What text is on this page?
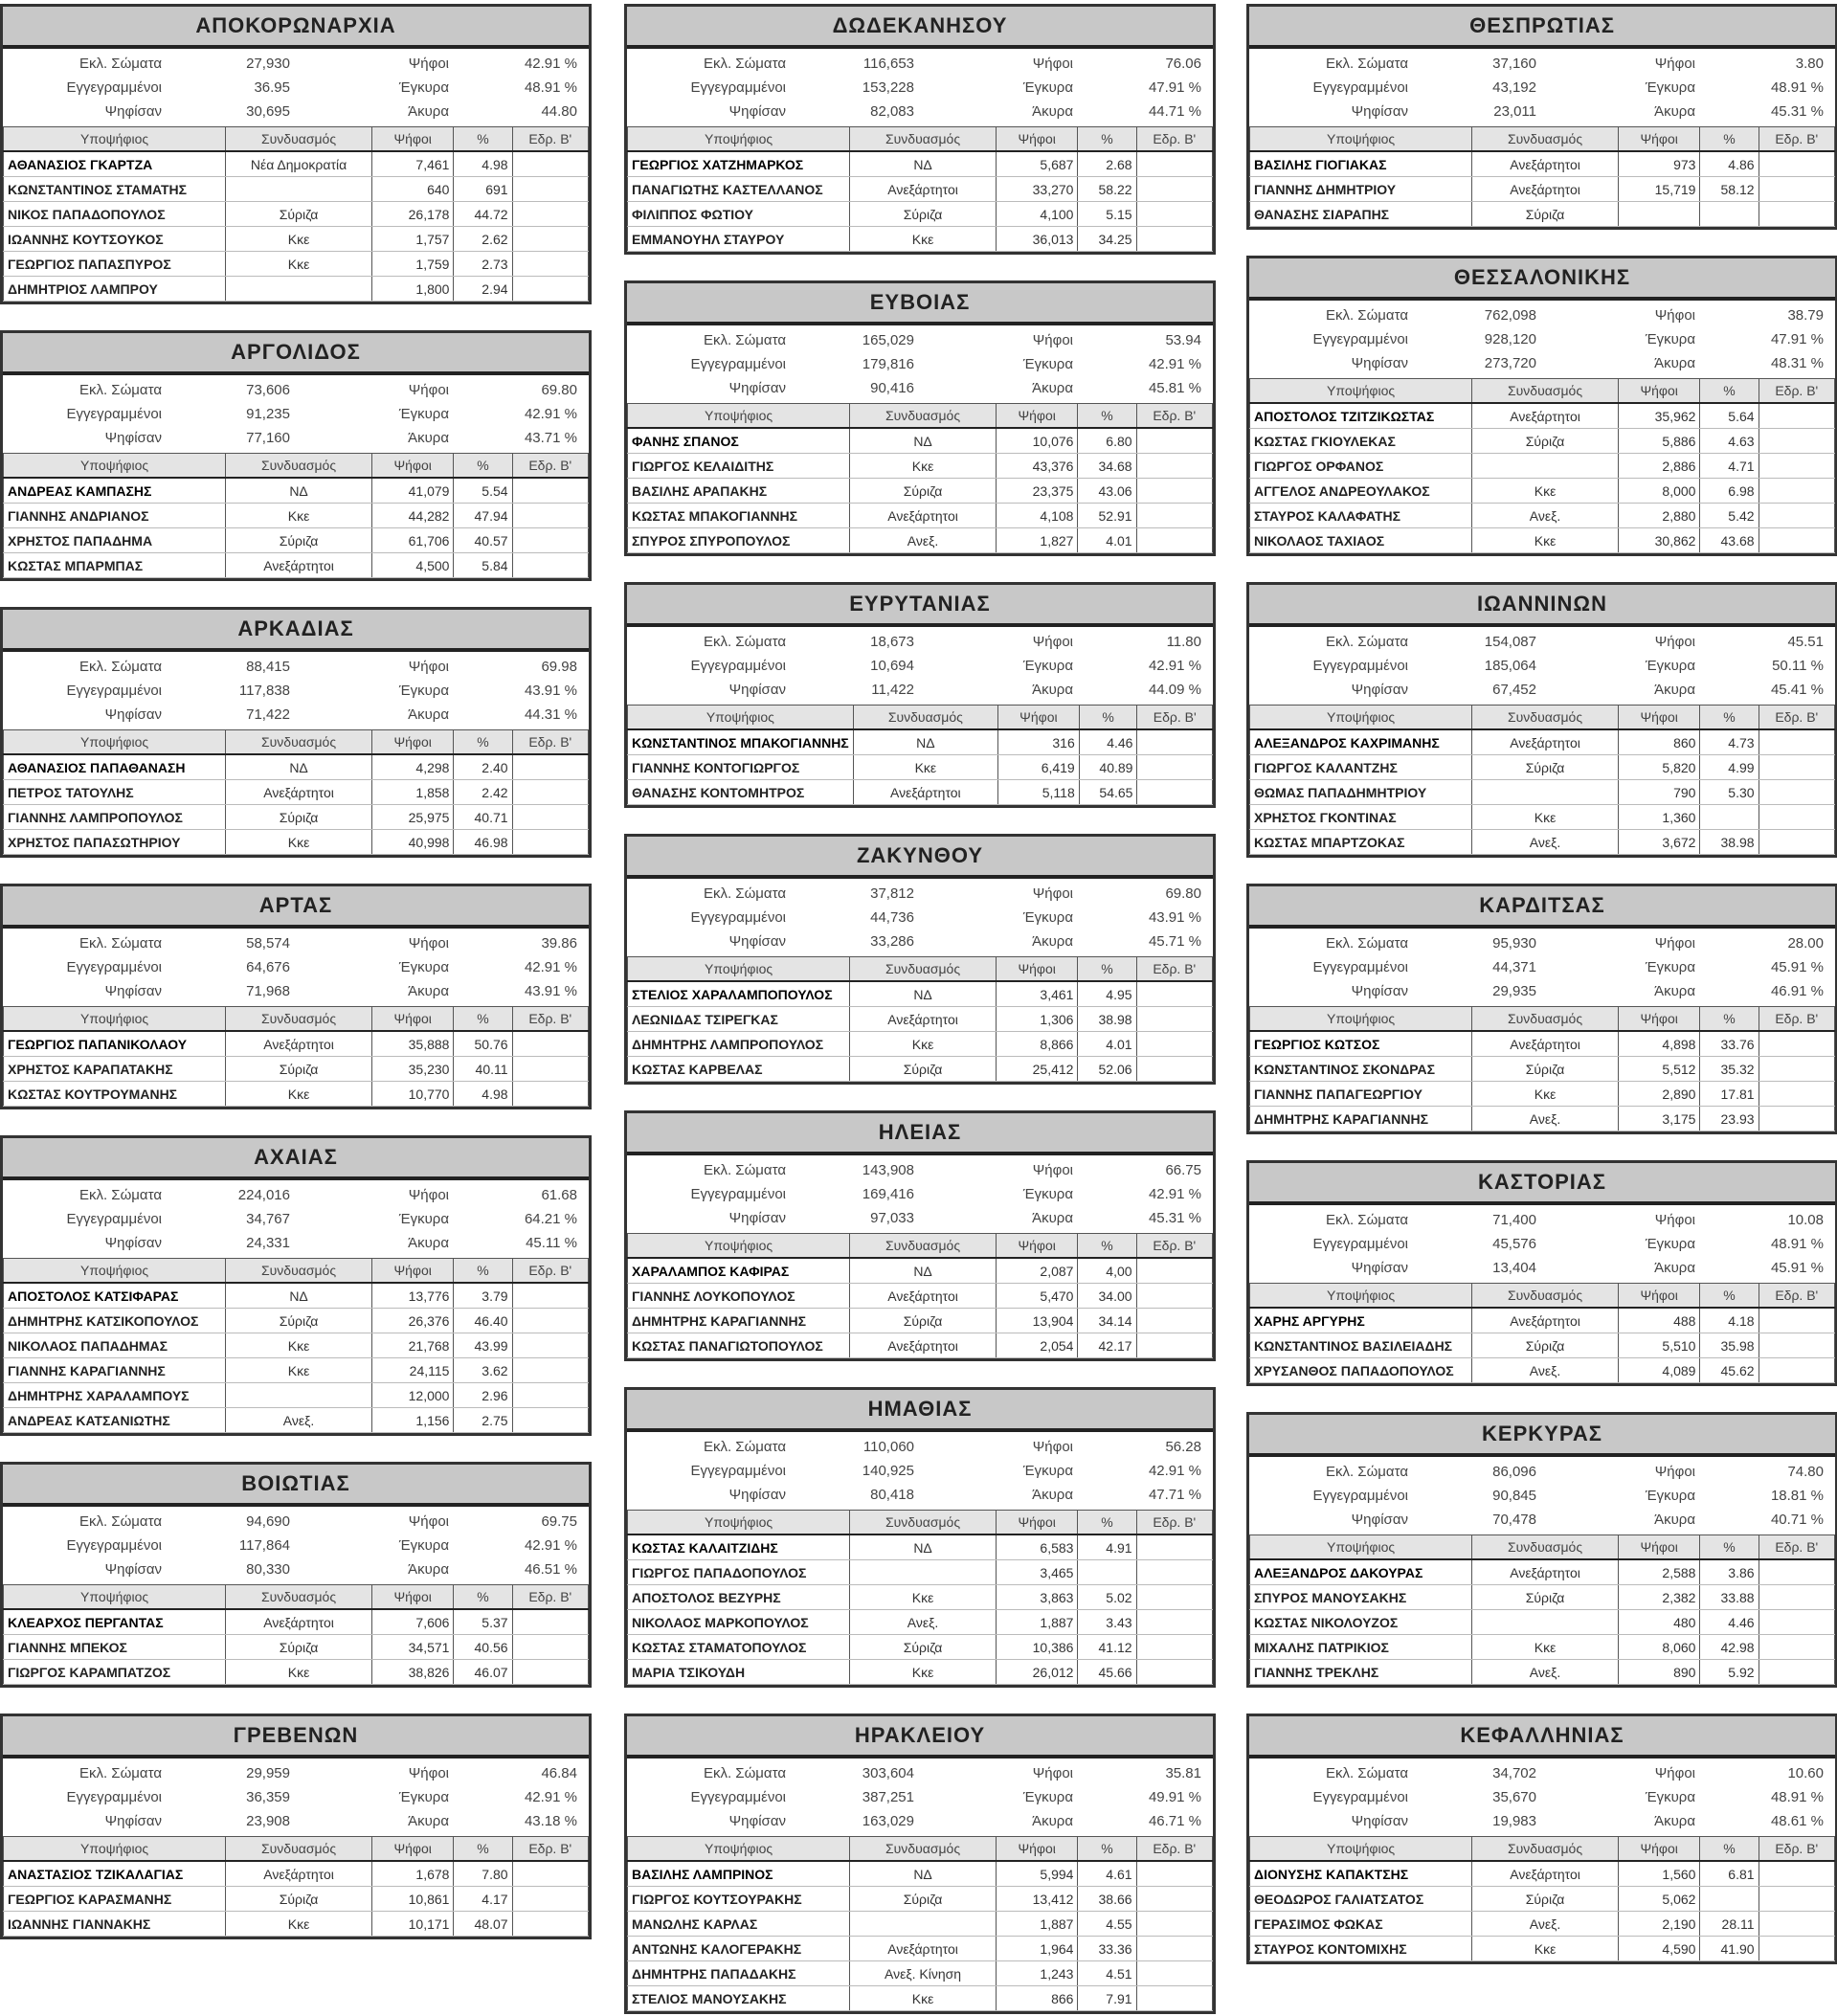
ΑΠΟΚΟΡΩΝΑΡΧΙΑ
Εκλ. Σώματα	27,930	Ψήφοι	42.91 %
Εγγεγραμμένοι	36.95	Έγκυρα	48.91 %
Ψηφίσαν	30,695	Άκυρα	44.80
Υποψήφιος	Συνδυασμός	Ψήφοι	%	Εδρ. Β'
ΑΘΑΝΑΣΙΟΣ ΓΚΑΡΤΖΑ	Νέα Δημοκρατία	7,461	4.98	
ΚΩΝΣΤΑΝΤΙΝΟΣ ΣΤΑΜΑΤΗΣ		640	691	
ΝΙΚΟΣ ΠΑΠΑΔΟΠΟΥΛΟΣ	Σύριζα	26,178	44.72	
ΙΩΑΝΝΗΣ ΚΟΥΤΣΟΥΚΟΣ	Κκε	1,757	2.62	
ΓΕΩΡΓΙΟΣ ΠΑΠΑΣΠΥΡΟΣ	Κκε	1,759	2.73	
ΔΗΜΗΤΡΙΟΣ ΛΑΜΠΡΟΥ		1,800	2.94	
ΑΡΓΟΛΙΔΟΣ
Εκλ. Σώματα	73,606	Ψήφοι	69.80
Εγγεγραμμένοι	91,235	Έγκυρα	42.91 %
Ψηφίσαν	77,160	Άκυρα	43.71 %
Υποψήφιος	Συνδυασμός	Ψήφοι	%	Εδρ. Β'
ΑΝΔΡΕΑΣ ΚΑΜΠΑΣΗΣ	ΝΔ	41,079	5.54	
ΓΙΑΝΝΗΣ ΑΝΔΡΙΑΝΟΣ	Κκε	44,282	47.94	
ΧΡΗΣΤΟΣ ΠΑΠΑΔΗΜΑ	Σύριζα	61,706	40.57	
ΚΩΣΤΑΣ ΜΠΑΡΜΠΑΣ	Ανεξάρτητοι	4,500	5.84	
ΑΡΚΑΔΙΑΣ
Εκλ. Σώματα	88,415	Ψήφοι	69.98
Εγγεγραμμένοι	117,838	Έγκυρα	43.91 %
Ψηφίσαν	71,422	Άκυρα	44.31 %
Υποψήφιος	Συνδυασμός	Ψήφοι	%	Εδρ. Β'
ΑΘΑΝΑΣΙΟΣ ΠΑΠΑΘΑΝΑΣΗ	ΝΔ	4,298	2.40	
ΠΕΤΡΟΣ ΤΑΤΟΥΛΗΣ	Ανεξάρτητοι	1,858	2.42	
ΓΙΑΝΝΗΣ ΛΑΜΠΡΟΠΟΥΛΟΣ	Σύριζα	25,975	40.71	
ΧΡΗΣΤΟΣ ΠΑΠΑΣΩΤΗΡΙΟΥ	Κκε	40,998	46.98	
ΑΡΤΑΣ
Εκλ. Σώματα	58,574	Ψήφοι	39.86
Εγγεγραμμένοι	64,676	Έγκυρα	42.91 %
Ψηφίσαν	71,968	Άκυρα	43.91 %
Υποψήφιος	Συνδυασμός	Ψήφοι	%	Εδρ. Β'
ΓΕΩΡΓΙΟΣ ΠΑΠΑΝΙΚΟΛΑΟΥ	Ανεξάρτητοι	35,888	50.76	
ΧΡΗΣΤΟΣ ΚΑΡΑΠΑΤΑΚΗΣ	Σύριζα	35,230	40.11	
ΚΩΣΤΑΣ ΚΟΥΤΡΟΥΜΑΝΗΣ	Κκε	10,770	4.98	
ΑΧΑΙΑΣ
Εκλ. Σώματα	224,016	Ψήφοι	61.68
Εγγεγραμμένοι	34,767	Έγκυρα	64.21 %
Ψηφίσαν	24,331	Άκυρα	45.11 %
Υποψήφιος	Συνδυασμός	Ψήφοι	%	Εδρ. Β'
ΑΠΟΣΤΟΛΟΣ ΚΑΤΣΙΦΑΡΑΣ	ΝΔ	13,776	3.79	
ΔΗΜΗΤΡΗΣ ΚΑΤΣΙΚΟΠΟΥΛΟΣ	Σύριζα	26,376	46.40	
ΝΙΚΟΛΑΟΣ ΠΑΠΑΔΗΜΑΣ	Κκε	21,768	43.99	
ΓΙΑΝΝΗΣ ΚΑΡΑΓΙΑΝΝΗΣ	Κκε	24,115	3.62	
ΔΗΜΗΤΡΗΣ ΧΑΡΑΛΑΜΠΟΥΣ		12,000	2.96	
ΑΝΔΡΕΑΣ ΚΑΤΣΑΝΙΩΤΗΣ	Ανεξ.	1,156	2.75	
ΒΟΙΩΤΙΑΣ
Εκλ. Σώματα	94,690	Ψήφοι	69.75
Εγγεγραμμένοι	117,864	Έγκυρα	42.91 %
Ψηφίσαν	80,330	Άκυρα	46.51 %
Υποψήφιος	Συνδυασμός	Ψήφοι	%	Εδρ. Β'
ΚΛΕΑΡΧΟΣ ΠΕΡΓΑΝΤΑΣ	Ανεξάρτητοι	7,606	5.37	
ΓΙΑΝΝΗΣ ΜΠΕΚΟΣ	Σύριζα	34,571	40.56	
ΓΙΩΡΓΟΣ ΚΑΡΑΜΠΑΤΖΟΣ	Κκε	38,826	46.07	
ΓΡΕΒΕΝΩΝ
Εκλ. Σώματα	29,959	Ψήφοι	46.84
Εγγεγραμμένοι	36,359	Έγκυρα	42.91 %
Ψηφίσαν	23,908	Άκυρα	43.18 %
Υποψήφιος	Συνδυασμός	Ψήφοι	%	Εδρ. Β'
ΑΝΑΣΤΑΣΙΟΣ ΤΖΙΚΑΛΑΓΙΑΣ	Ανεξάρτητοι	1,678	7.80	
ΓΕΩΡΓΙΟΣ ΚΑΡΑΣΜΑΝΗΣ	Σύριζα	10,861	4.17	
ΙΩΑΝΝΗΣ ΓΙΑΝΝΑΚΗΣ	Κκε	10,171	48.07	
ΔΩΔΕΚΑΝΗΣΟΥ
Εκλ. Σώματα	116,653	Ψήφοι	76.06
Εγγεγραμμένοι	153,228	Έγκυρα	47.91 %
Ψηφίσαν	82,083	Άκυρα	44.71 %
Υποψήφιος	Συνδυασμός	Ψήφοι	%	Εδρ. Β'
ΓΕΩΡΓΙΟΣ ΧΑΤΖΗΜΑΡΚΟΣ	ΝΔ	5,687	2.68	
ΠΑΝΑΓΙΩΤΗΣ ΚΑΣΤΕΛΛΑΝΟΣ	Ανεξάρτητοι	33,270	58.22	
ΦΙΛΙΠΠΟΣ ΦΩΤΙΟΥ	Σύριζα	4,100	5.15	
ΕΜΜΑΝΟΥΗΛ ΣΤΑΥΡΟΥ	Κκε	36,013	34.25	
ΕΥΒΟΙΑΣ
Εκλ. Σώματα	165,029	Ψήφοι	53.94
Εγγεγραμμένοι	179,816	Έγκυρα	42.91 %
Ψηφίσαν	90,416	Άκυρα	45.81 %
Υποψήφιος	Συνδυασμός	Ψήφοι	%	Εδρ. Β'
ΦΑΝΗΣ ΣΠΑΝΟΣ	ΝΔ	10,076	6.80	
ΓΙΩΡΓΟΣ ΚΕΛΑΙΔΙΤΗΣ	Κκε	43,376	34.68	
ΒΑΣΙΛΗΣ ΑΡΑΠΑΚΗΣ	Σύριζα	23,375	43.06	
ΚΩΣΤΑΣ ΜΠΑΚΟΓΙΑΝΝΗΣ	Ανεξάρτητοι	4,108	52.91	
ΣΠΥΡΟΣ ΣΠΥΡΟΠΟΥΛΟΣ	Ανεξ.	1,827	4.01	
ΕΥΡΥΤΑΝΙΑΣ
Εκλ. Σώματα	18,673	Ψήφοι	11.80
Εγγεγραμμένοι	10,694	Έγκυρα	42.91 %
Ψηφίσαν	11,422	Άκυρα	44.09 %
Υποψήφιος	Συνδυασμός	Ψήφοι	%	Εδρ. Β'
ΚΩΝΣΤΑΝΤΙΝΟΣ ΜΠΑΚΟΓΙΑΝΝΗΣ	ΝΔ	316	4.46	
ΓΙΑΝΝΗΣ ΚΟΝΤΟΓΙΩΡΓΟΣ	Κκε	6,419	40.89	
ΘΑΝΑΣΗΣ ΚΟΝΤΟΜΗΤΡΟΣ	Ανεξάρτητοι	5,118	54.65	
ΖΑΚΥΝΘΟΥ
Εκλ. Σώματα	37,812	Ψήφοι	69.80
Εγγεγραμμένοι	44,736	Έγκυρα	43.91 %
Ψηφίσαν	33,286	Άκυρα	45.71 %
Υποψήφιος	Συνδυασμός	Ψήφοι	%	Εδρ. Β'
ΣΤΕΛΙΟΣ ΧΑΡΑΛΑΜΠΟΠΟΥΛΟΣ	ΝΔ	3,461	4.95	
ΛΕΩΝΙΔΑΣ ΤΣΙΡΕΓΚΑΣ	Ανεξάρτητοι	1,306	38.98	
ΔΗΜΗΤΡΗΣ ΛΑΜΠΡΟΠΟΥΛΟΣ	Κκε	8,866	4.01	
ΚΩΣΤΑΣ ΚΑΡΒΕΛΑΣ	Σύριζα	25,412	52.06	
ΗΛΕΙΑΣ
Εκλ. Σώματα	143,908	Ψήφοι	66.75
Εγγεγραμμένοι	169,416	Έγκυρα	42.91 %
Ψηφίσαν	97,033	Άκυρα	45.31 %
Υποψήφιος	Συνδυασμός	Ψήφοι	%	Εδρ. Β'
ΧΑΡΑΛΑΜΠΟΣ ΚΑΦΙΡΑΣ	ΝΔ	2,087	4,00	
ΓΙΑΝΝΗΣ ΛΟΥΚΟΠΟΥΛΟΣ	Ανεξάρτητοι	5,470	34.00	
ΔΗΜΗΤΡΗΣ ΚΑΡΑΓΙΑΝΝΗΣ	Σύριζα	13,904	34.14	
ΚΩΣΤΑΣ ΠΑΝΑΓΙΩΤΟΠΟΥΛΟΣ	Ανεξάρτητοι	2,054	42.17	
ΗΜΑΘΙΑΣ
Εκλ. Σώματα	110,060	Ψήφοι	56.28
Εγγεγραμμένοι	140,925	Έγκυρα	42.91 %
Ψηφίσαν	80,418	Άκυρα	47.71 %
Υποψήφιος	Συνδυασμός	Ψήφοι	%	Εδρ. Β'
ΚΩΣΤΑΣ ΚΑΛΑΙΤΖΙΔΗΣ	ΝΔ	6,583	4.91	
ΓΙΩΡΓΟΣ ΠΑΠΑΔΟΠΟΥΛΟΣ		3,465		
ΑΠΟΣΤΟΛΟΣ ΒΕΖΥΡΗΣ	Κκε	3,863	5.02	
ΝΙΚΟΛΑΟΣ ΜΑΡΚΟΠΟΥΛΟΣ	Ανεξ.	1,887	3.43	
ΚΩΣΤΑΣ ΣΤΑΜΑΤΟΠΟΥΛΟΣ	Σύριζα	10,386	41.12	
ΜΑΡΙΑ ΤΣΙΚΟΥΔΗ	Κκε	26,012	45.66	
ΗΡΑΚΛΕΙΟΥ
Εκλ. Σώματα	303,604	Ψήφοι	35.81
Εγγεγραμμένοι	387,251	Έγκυρα	49.91 %
Ψηφίσαν	163,029	Άκυρα	46.71 %
Υποψήφιος	Συνδυασμός	Ψήφοι	%	Εδρ. Β'
ΒΑΣΙΛΗΣ ΛΑΜΠΡΙΝΟΣ	ΝΔ	5,994	4.61	
ΓΙΩΡΓΟΣ ΚΟΥΤΣΟΥΡΑΚΗΣ	Σύριζα	13,412	38.66	
ΜΑΝΩΛΗΣ ΚΑΡΛΑΣ		1,887	4.55	
ΑΝΤΩΝΗΣ ΚΑΛΟΓΕΡΑΚΗΣ	Ανεξάρτητοι	1,964	33.36	
ΔΗΜΗΤΡΗΣ ΠΑΠΑΔΑΚΗΣ	Ανεξ. Κίνηση	1,243	4.51	
ΣΤΕΛΙΟΣ ΜΑΝΟΥΣΑΚΗΣ	Κκε	866	7.91	
ΘΕΣΠΡΩΤΙΑΣ
Εκλ. Σώματα	37,160	Ψήφοι	3.80
Εγγεγραμμένοι	43,192	Έγκυρα	48.91 %
Ψηφίσαν	23,011	Άκυρα	45.31 %
Υποψήφιος	Συνδυασμός	Ψήφοι	%	Εδρ. Β'
ΒΑΣΙΛΗΣ ΓΙΟΓΙΑΚΑΣ	Ανεξάρτητοι	973	4.86	
ΓΙΑΝΝΗΣ ΔΗΜΗΤΡΙΟΥ	Ανεξάρτητοι	15,719	58.12	
ΘΑΝΑΣΗΣ ΣΙΑΡΑΠΗΣ	Σύριζα			
ΘΕΣΣΑΛΟΝΙΚΗΣ
Εκλ. Σώματα	762,098	Ψήφοι	38.79
Εγγεγραμμένοι	928,120	Έγκυρα	47.91 %
Ψηφίσαν	273,720	Άκυρα	48.31 %
Υποψήφιος	Συνδυασμός	Ψήφοι	%	Εδρ. Β'
ΑΠΟΣΤΟΛΟΣ ΤΖΙΤΖΙΚΩΣΤΑΣ	Ανεξάρτητοι	35,962	5.64	
ΚΩΣΤΑΣ ΓΚΙΟΥΛΕΚΑΣ	Σύριζα	5,886	4.63	
ΓΙΩΡΓΟΣ ΟΡΦΑΝΟΣ		2,886	4.71	
ΑΓΓΕΛΟΣ ΑΝΔΡΕΟΥΛΑΚΟΣ	Κκε	8,000	6.98	
ΣΤΑΥΡΟΣ ΚΑΛΑΦΑΤΗΣ	Ανεξ.	2,880	5.42	
ΝΙΚΟΛΑΟΣ ΤΑΧΙΑΟΣ	Κκε	30,862	43.68	
ΙΩΑΝΝΙΝΩΝ
Εκλ. Σώματα	154,087	Ψήφοι	45.51
Εγγεγραμμένοι	185,064	Έγκυρα	50.11 %
Ψηφίσαν	67,452	Άκυρα	45.41 %
Υποψήφιος	Συνδυασμός	Ψήφοι	%	Εδρ. Β'
ΑΛΕΞΑΝΔΡΟΣ ΚΑΧΡΙΜΑΝΗΣ	Ανεξάρτητοι	860	4.73	
ΓΙΩΡΓΟΣ ΚΑΛΑΝΤΖΗΣ	Σύριζα	5,820	4.99	
ΘΩΜΑΣ ΠΑΠΑΔΗΜΗΤΡΙΟΥ		790	5.30	
ΧΡΗΣΤΟΣ ΓΚΟΝΤΙΝΑΣ	Κκε	1,360		
ΚΩΣΤΑΣ ΜΠΑΡΤΖΟΚΑΣ	Ανεξ.	3,672	38.98	
ΚΑΡΔΙΤΣΑΣ
Εκλ. Σώματα	95,930	Ψήφοι	28.00
Εγγεγραμμένοι	44,371	Έγκυρα	45.91 %
Ψηφίσαν	29,935	Άκυρα	46.91 %
Υποψήφιος	Συνδυασμός	Ψήφοι	%	Εδρ. Β'
ΓΕΩΡΓΙΟΣ ΚΩΤΣΟΣ	Ανεξάρτητοι	4,898	33.76	
ΚΩΝΣΤΑΝΤΙΝΟΣ ΣΚΟΝΔΡΑΣ	Σύριζα	5,512	35.32	
ΓΙΑΝΝΗΣ ΠΑΠΑΓΕΩΡΓΙΟΥ	Κκε	2,890	17.81	
ΔΗΜΗΤΡΗΣ ΚΑΡΑΓΙΑΝΝΗΣ	Ανεξ.	3,175	23.93	
ΚΑΣΤΟΡΙΑΣ
Εκλ. Σώματα	71,400	Ψήφοι	10.08
Εγγεγραμμένοι	45,576	Έγκυρα	48.91 %
Ψηφίσαν	13,404	Άκυρα	45.91 %
Υποψήφιος	Συνδυασμός	Ψήφοι	%	Εδρ. Β'
ΧΑΡΗΣ ΑΡΓΥΡΗΣ	Ανεξάρτητοι	488	4.18	
ΚΩΝΣΤΑΝΤΙΝΟΣ ΒΑΣΙΛΕΙΑΔΗΣ	Σύριζα	5,510	35.98	
ΧΡΥΣΑΝΘΟΣ ΠΑΠΑΔΟΠΟΥΛΟΣ	Ανεξ.	4,089	45.62	
ΚΕΡΚΥΡΑΣ
Εκλ. Σώματα	86,096	Ψήφοι	74.80
Εγγεγραμμένοι	90,845	Έγκυρα	18.81 %
Ψηφίσαν	70,478	Άκυρα	40.71 %
Υποψήφιος	Συνδυασμός	Ψήφοι	%	Εδρ. Β'
ΑΛΕΞΑΝΔΡΟΣ ΔΑΚΟΥΡΑΣ	Ανεξάρτητοι	2,588	3.86	
ΣΠΥΡΟΣ ΜΑΝΟΥΣΑΚΗΣ	Σύριζα	2,382	33.88	
ΚΩΣΤΑΣ ΝΙΚΟΛΟΥΖΟΣ		480	4.46	
ΜΙΧΑΛΗΣ ΠΑΤΡΙΚΙΟΣ	Κκε	8,060	42.98	
ΓΙΑΝΝΗΣ ΤΡΕΚΛΗΣ	Ανεξ.	890	5.92	
ΚΕΦΑΛΛΗΝΙΑΣ
Εκλ. Σώματα	34,702	Ψήφοι	10.60
Εγγεγραμμένοι	35,670	Έγκυρα	48.91 %
Ψηφίσαν	19,983	Άκυρα	48.61 %
Υποψήφιος	Συνδυασμός	Ψήφοι	%	Εδρ. Β'
ΔΙΟΝΥΣΗΣ ΚΑΠΑΚΤΣΗΣ	Ανεξάρτητοι	1,560	6.81	
ΘΕΟΔΩΡΟΣ ΓΑΛΙΑΤΣΑΤΟΣ	Σύριζα	5,062		
ΓΕΡΑΣΙΜΟΣ ΦΩΚΑΣ	Ανεξ.	2,190	28.11	
ΣΤΑΥΡΟΣ ΚΟΝΤΟΜΙΧΗΣ	Κκε	4,590	41.90	
